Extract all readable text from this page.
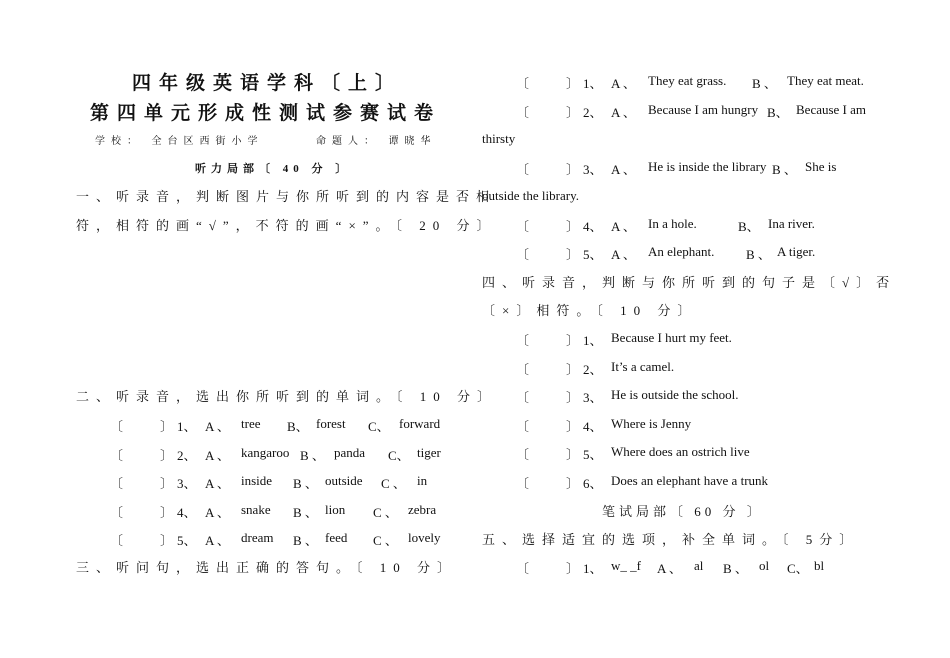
四年级英语学科〔上〕
第四单元形成性测试参赛试卷
学校： 全台区西街小学	命题人： 谭晓华
听力局部〔 40 分 〕
一、听录音，判断图片与你所听到的内容是否相
符，相符的画“√”，不符的画“×”。〔 20 分〕
二、听录音，选出你所听到的单词。〔 10 分〕
〔	〕 1、 A 、 tree B、 forest C、 forward
〔	〕 2、 A 、 kangaroo B 、 panda C、 tiger
〔	〕 3、 A 、 inside B 、 outside C 、 in
〔	〕 4、 A 、 snake B 、 lion C 、 zebra
〔	〕 5、 A 、 dream B 、 feed C 、 lovely
三、听问句，选出正确的答句。〔 10 分〕
〔	〕 1、 A 、 They eat grass. B 、 They eat meat.
〔	〕 2、 A 、 Because I am hungry B、 Because I am
thirsty
〔	〕 3、 A 、 He is inside the library B 、 She is
outside the library.
〔	〕 4、 A 、 In a hole.	B、 Ina river.
〔	〕 5、 A 、 An elephant. B 、 A tiger.
四、听录音，判断与你所听到的句子是〔√〕否
〔×〕相符。〔 10 分〕
〔	〕 1、 Because I hurt my feet.
〔	〕 2、 It’s a camel.
〔	〕 3、 He is outside the school.
〔	〕 4、 Where is Jenny
〔	〕 5、 Where does an ostrich live
〔	〕 6、 Does an elephant have a trunk
笔试局部〔 60 分 〕
五、选择适宜的选项，补全单词。〔 5分〕
〔	〕 1、 w_ _f A 、 al B 、 ol C、 bl
